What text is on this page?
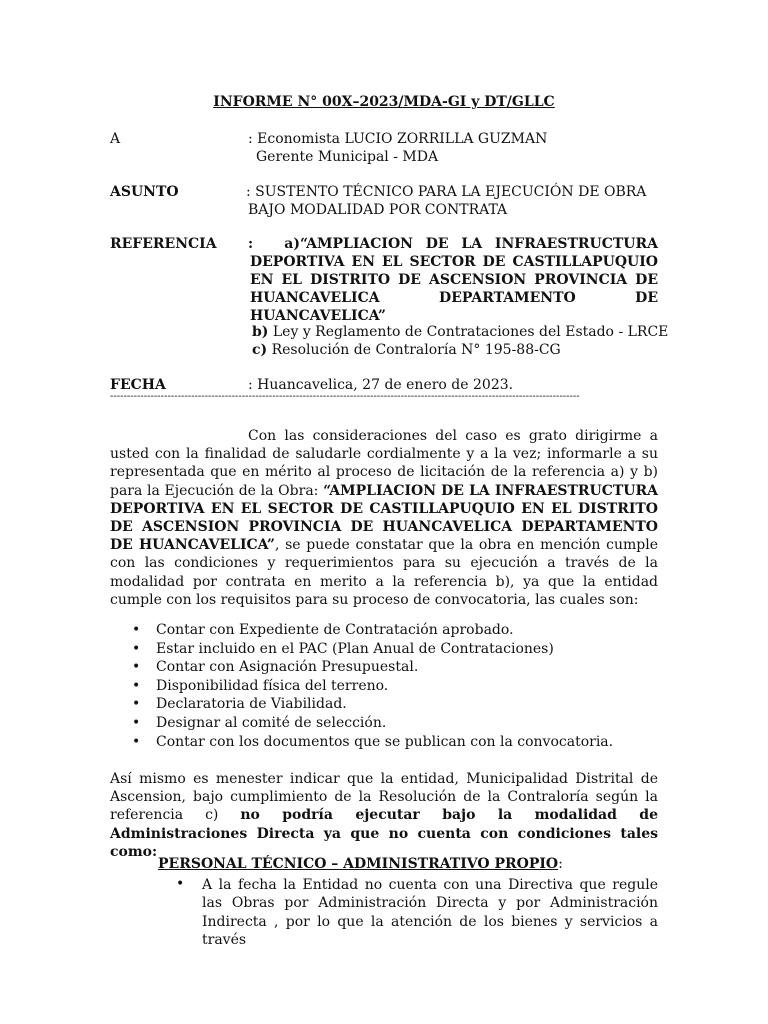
INFORME N° 00X–2023/MDA-GI y DT/GLLC
A	: Economista LUCIO ZORRILLA GUZMAN
Gerente Municipal - MDA
ASUNTO	: SUSTENTO TÉCNICO PARA LA EJECUCIÓN DE OBRA
BAJO MODALIDAD POR CONTRATA
REFERENCIA : a) “AMPLIACION DE LA INFRAESTRUCTURA
DEPORTIVA EN EL SECTOR DE CASTILLAPUQUIO
EN EL DISTRITO DE ASCENSION PROVINCIA DE
HUANCAVELICA DEPARTAMENTO DE
HUANCAVELICA”
b) Ley y Reglamento de Contrataciones del Estado - LRCE
c) Resolución de Contraloría N° 195-88-CG
FECHA	: Huancavelica, 27 de enero de 2023.
-------------------------------------------------------------------------------------------------------------------------------------------
Con las consideraciones del caso es grato dirigirme a usted con la finalidad de saludarle cordialmente y a la vez; informarle a su representada que en mérito al proceso de licitación de la referencia a) y b) para la Ejecución de la Obra: “AMPLIACION DE LA INFRAESTRUCTURA DEPORTIVA EN EL SECTOR DE CASTILLAPUQUIO EN EL DISTRITO DE ASCENSION PROVINCIA DE HUANCAVELICA DEPARTAMENTO DE HUANCAVELICA”, se puede constatar que la obra en mención cumple con las condiciones y requerimientos para su ejecución a través de la modalidad por contrata en merito a la referencia b), ya que la entidad cumple con los requisitos para su proceso de convocatoria, las cuales son:
• Contar con Expediente de Contratación aprobado.
• Estar incluido en el PAC (Plan Anual de Contrataciones)
• Contar con Asignación Presupuestal.
• Disponibilidad física del terreno.
• Declaratoria de Viabilidad.
• Designar al comité de selección.
• Contar con los documentos que se publican con la convocatoria.
Así mismo es menester indicar que la entidad, Municipalidad Distrital de Ascension, bajo cumplimiento de la Resolución de la Contraloría según la referencia c) no podría ejecutar bajo la modalidad de Administraciones Directa ya que no cuenta con condiciones tales como:
PERSONAL TÉCNICO – ADMINISTRATIVO PROPIO:
• A la fecha la Entidad no cuenta con una Directiva que regule las Obras por Administración Directa y por Administración Indirecta , por lo que la atención de los bienes y servicios a través
